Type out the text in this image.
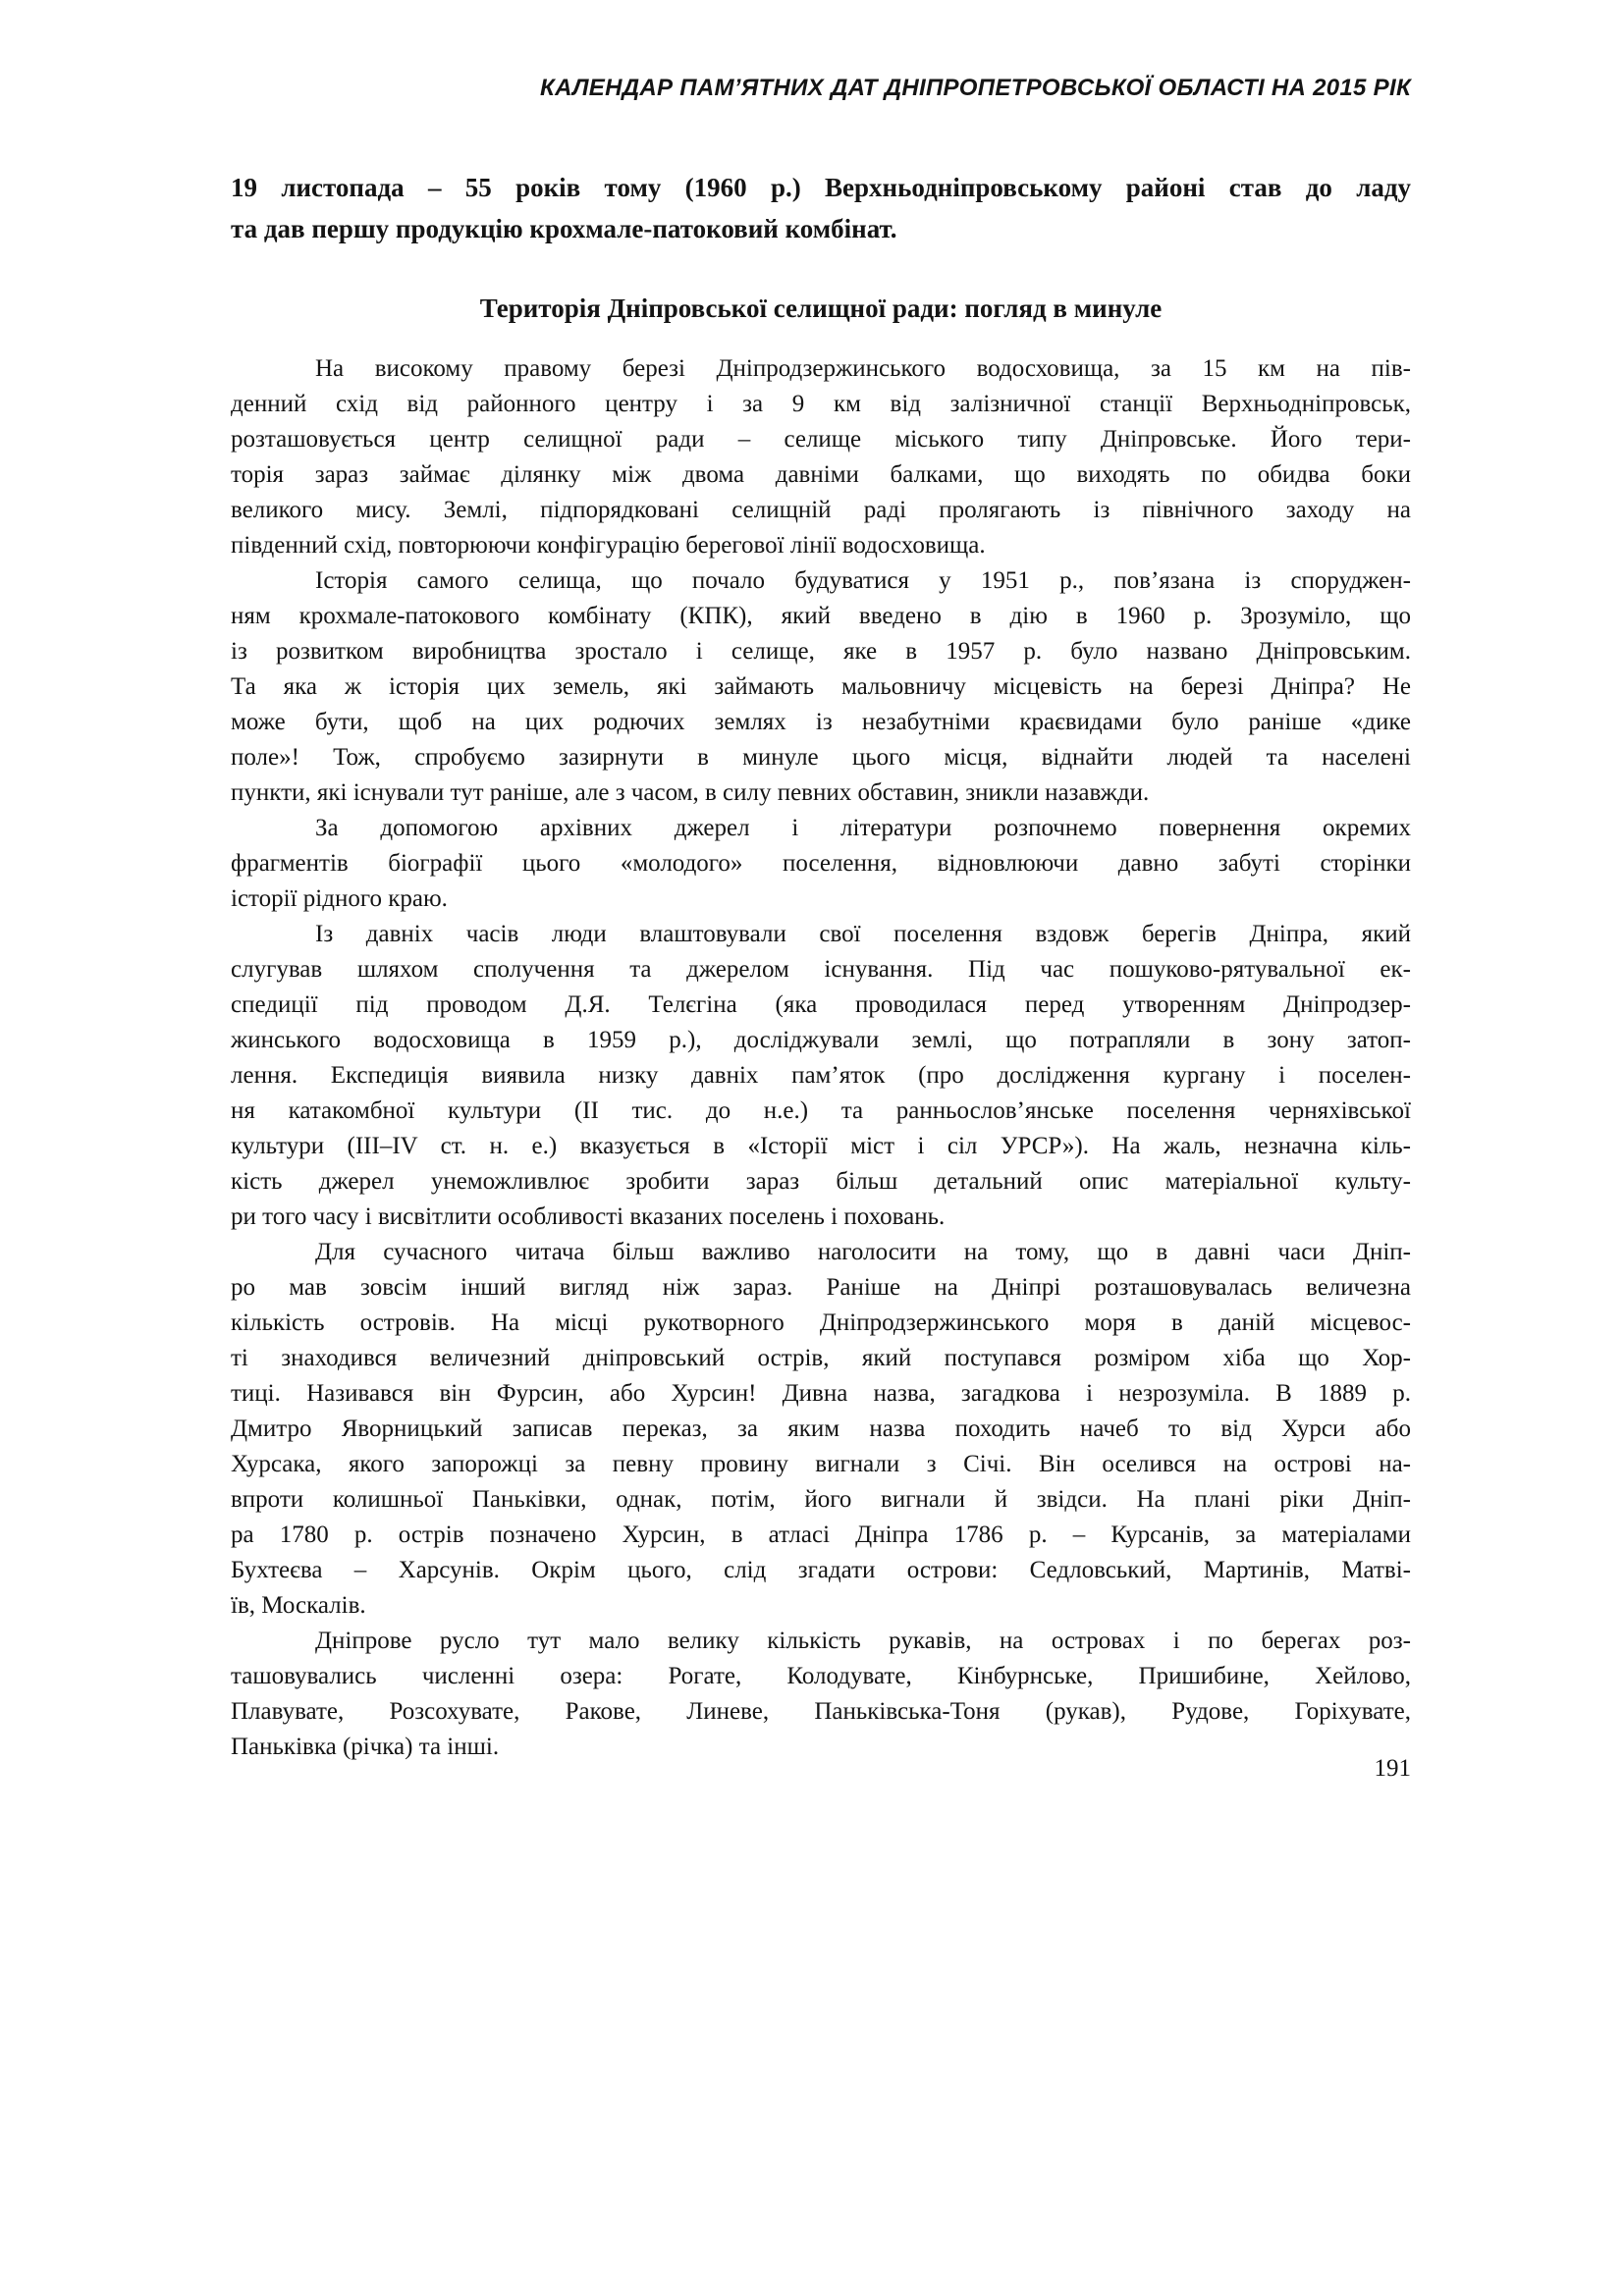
КАЛЕНДАР ПАМ’ЯТНИХ ДАТ ДНІПРОПЕТРОВСЬКОЇ ОБЛАСТІ НА 2015 РІК
19 листопада – 55 років тому (1960 р.) Верхньодніпровському районі став до ладу
та дав першу продукцію крохмале-патоковий комбінат.
Територія Дніпровської селищної ради: погляд в минуле
На високому правому березі Дніпродзержинського водосховища, за 15 км на пів-
денний схід від районного центру і за 9 км від залізничної станції Верхньодніпровськ,
розташовується центр селищної ради – селище міського типу Дніпровське. Його тери-
торія зараз займає ділянку між двома давніми балками, що виходять по обидва боки
великого мису. Землі, підпорядковані селищній раді пролягають із північного заходу на
південний схід, повторюючи конфігурацію берегової лінії водосховища.
Історія самого селища, що почало будуватися у 1951 р., пов’язана із споруджен-
ням крохмале-патокового комбінату (КПК), який введено в дію в 1960 р. Зрозуміло, що
із розвитком виробництва зростало і селище, яке в 1957 р. було названо Дніпровським.
Та яка ж історія цих земель, які займають мальовничу місцевість на березі Дніпра? Не
може бути, щоб на цих родючих землях із незабутніми краєвидами було раніше «дике
поле»! Тож, спробуємо зазирнути в минуле цього місця, віднайти людей та населені
пункти, які існували тут раніше, але з часом, в силу певних обставин, зникли назавжди.
За допомогою архівних джерел і літератури розпочнемо повернення окремих
фрагментів біографії цього «молодого» поселення, відновлюючи давно забуті сторінки
історії рідного краю.
Із давніх часів люди влаштовували свої поселення вздовж берегів Дніпра, який
слугував шляхом сполучення та джерелом існування. Під час пошуково-рятувальної ек-
спедиції під проводом Д.Я. Телєгіна (яка проводилася перед утворенням Дніпродзер-
жинського водосховища в 1959 р.), досліджували землі, що потрапляли в зону затоп-
лення. Експедиція виявила низку давніх пам’яток (про дослідження кургану і поселен-
ня катакомбної культури (II тис. до н.е.) та ранньослов’янське поселення черняхівської
культури (III–IV ст. н. е.) вказується в «Історії міст і сіл УРСР»). На жаль, незначна кіль-
кість джерел унеможливлює зробити зараз більш детальний опис матеріальної культу-
ри того часу і висвітлити особливості вказаних поселень і поховань.
Для сучасного читача більш важливо наголосити на тому, що в давні часи Дніп-
ро мав зовсім інший вигляд ніж зараз. Раніше на Дніпрі розташовувалась величезна
кількість островів. На місці рукотворного Дніпродзержинського моря в даній місцевос-
ті знаходився величезний дніпровський острів, який поступався розміром хіба що Хор-
тиці. Називався він Фурсин, або Хурсин! Дивна назва, загадкова і незрозуміла. В 1889 р.
Дмитро Яворницький записав переказ, за яким назва походить начеб то від Хурси або
Хурсака, якого запорожці за певну провину вигнали з Січі. Він оселився на острові на-
впроти колишньої Паньківки, однак, потім, його вигнали й звідси. На плані ріки Дніп-
ра 1780 р. острів позначено Хурсин, в атласі Дніпра 1786 р. – Курсанів, за матеріалами
Бухтеєва – Харсунів. Окрім цього, слід згадати острови: Седловський, Мартинів, Матві-
їв, Москалів.
Дніпрове русло тут мало велику кількість рукавів, на островах і по берегах роз-
ташовувались численні озера: Рогате, Колодувате, Кінбурнське, Пришибине, Хейлово,
Плавувате, Розсохувате, Ракове, Линеве, Паньківська-Тоня (рукав), Рудове, Горіхувате,
Паньківка (річка) та інші.
191
